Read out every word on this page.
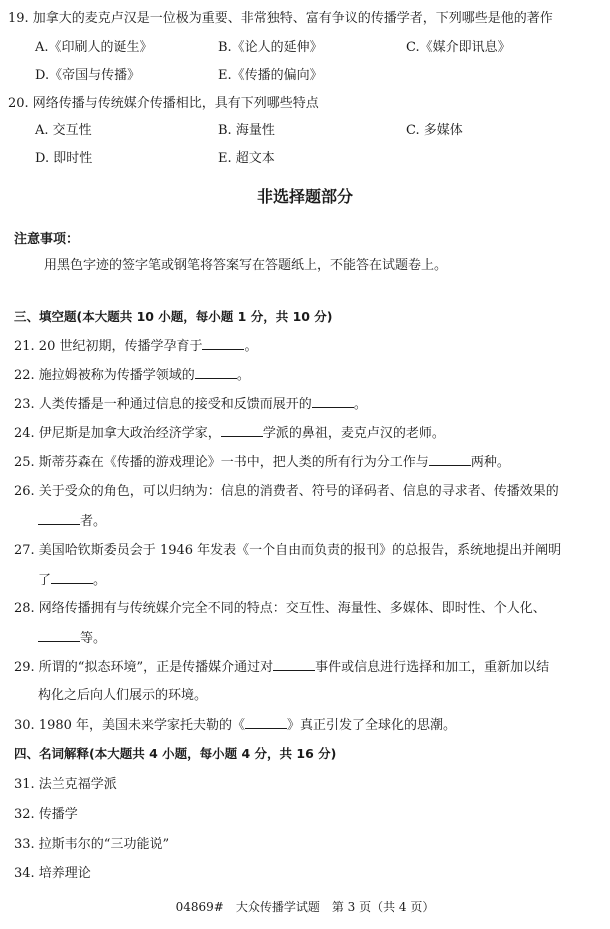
19. 加拿大的麦克卢汉是一位极为重要、非常独特、富有争议的传播学者，下列哪些是他的著作
A.《印刷人的诞生》	B.《论人的延伸》	C.《媒介即讯息》
D.《帝国与传播》	E.《传播的偏向》
20. 网络传播与传统媒介传播相比，具有下列哪些特点
A. 交互性	B. 海量性	C. 多媒体
D. 即时性	E. 超文本
非选择题部分
注意事项：
用黑色字迹的签字笔或钢笔将答案写在答题纸上，不能答在试题卷上。
三、填空题(本大题共 10 小题，每小题 1 分，共 10 分)
21. 20 世纪初期，传播学孕育于	。
22. 施拉姆被称为传播学领域的	。
23. 人类传播是一种通过信息的接受和反馈而展开的	。
24. 伊尼斯是加拿大政治经济学家，	学派的鼻祖，麦克卢汉的老师。
25. 斯蒂芬森在《传播的游戏理论》一书中，把人类的所有行为分工作与	两种。
26. 关于受众的角色，可以归纳为：信息的消费者、符号的译码者、信息的寻求者、传播效果的
者。
27. 美国哈钦斯委员会于 1946 年发表《一个自由而负责的报刊》的总报告，系统地提出并阐明
了	。
28. 网络传播拥有与传统媒介完全不同的特点：交互性、海量性、多媒体、即时性、个人化、
等。
29. 所谓的“拟态环境”，正是传播媒介通过对	事件或信息进行选择和加工，重新加以结
构化之后向人们展示的环境。
30. 1980 年，美国未来学家托夫勒的《	》真正引发了全球化的思潮。
四、名词解释(本大题共 4 小题，每小题 4 分，共 16 分)
31. 法兰克福学派
32. 传播学
33. 拉斯韦尔的“三功能说”
34. 培养理论
04869#　大众传播学试题　第 3 页（共 4 页）
